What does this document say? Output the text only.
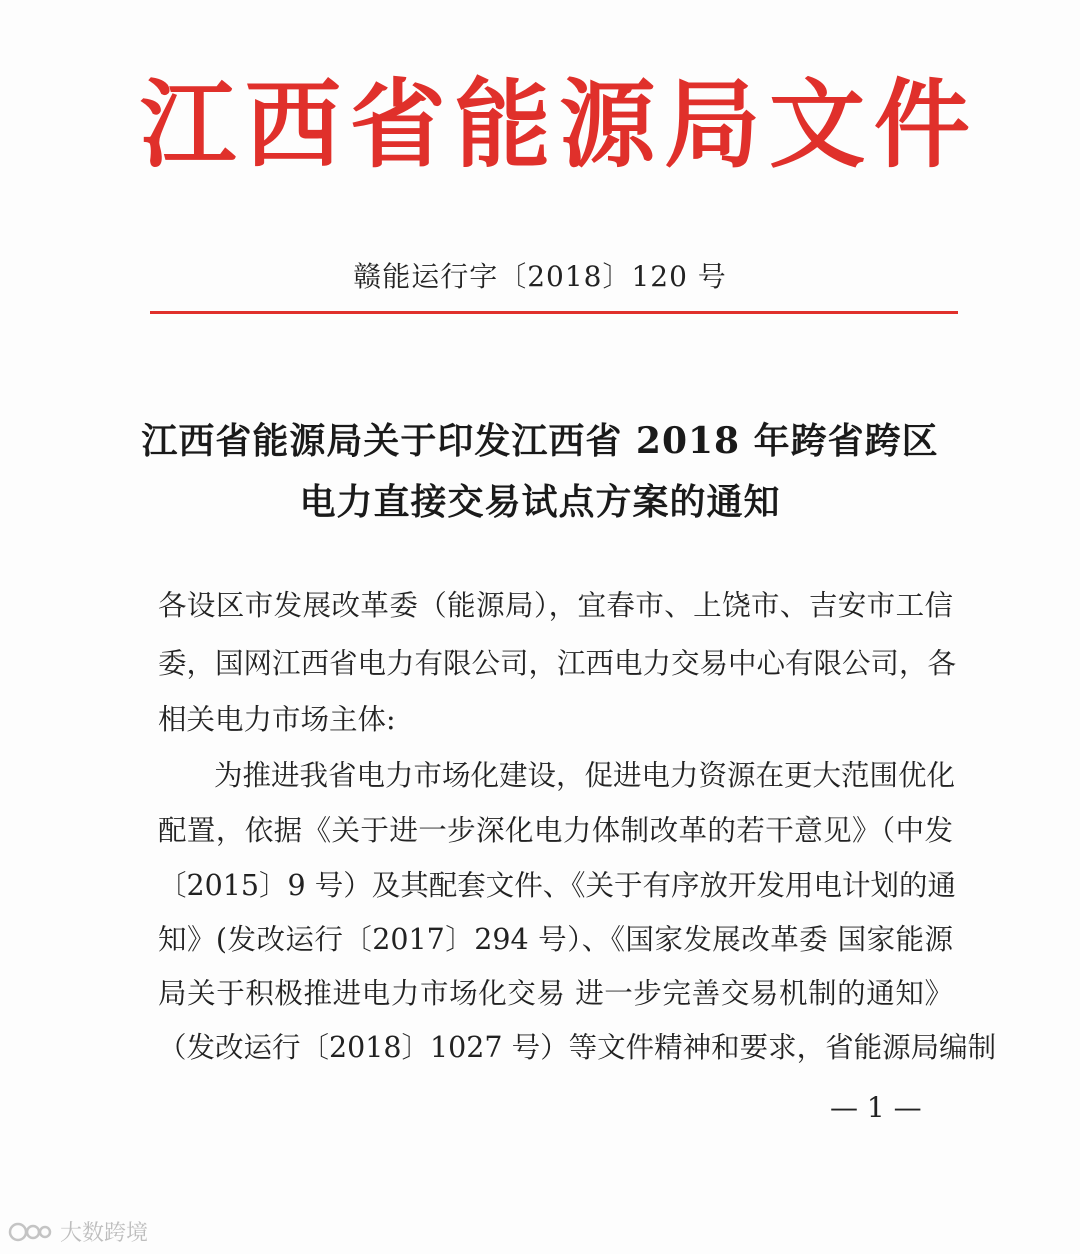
江 西 省 能 源 局 文 件
赣能运行字〔2018〕120 号
江西省能源局关于印发江西省 2018 年跨省跨区
电力直接交易试点方案的通知
各设区市发展改革委（能源局），宜春市、上饶市、吉安市工信
委，国网江西省电力有限公司，江西电力交易中心有限公司，各
相关电力市场主体:
为推进我省电力市场化建设，促进电力资源在更大范围优化
配置，依据《关于进一步深化电力体制改革的若干意见》（中发
〔2015〕9 号）及其配套文件、《关于有序放开发用电计划的通
知》(发改运行〔2017〕294 号）、《国家发展改革委 国家能源
局关于积极推进电力市场化交易 进一步完善交易机制的通知》
（发改运行〔2018〕1027 号）等文件精神和要求，省能源局编制
— 1 —
大数跨境
